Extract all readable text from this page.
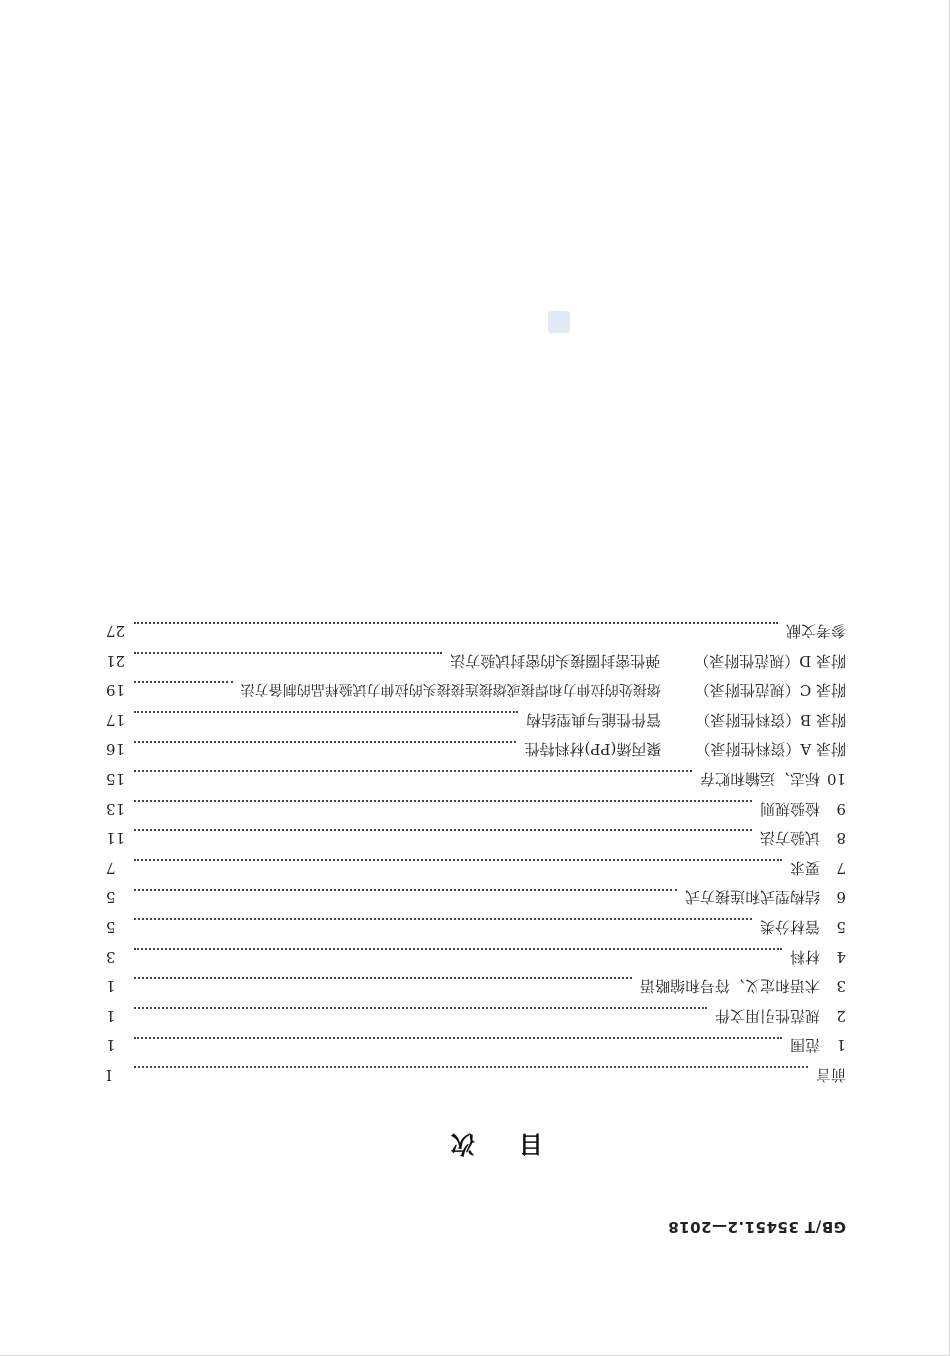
GB/T 35451.2—2018
目次
前言
Ⅰ
1
范围
1
2
规范性引用文件
1
3
术语和定义、符号和缩略语
1
4
材料
3
5
管材分类
5
6
结构型式和连接方式
5
7
要求
7
8
试验方法
11
9
检验规则
13
10
标志、运输和贮存
15
附录 A（资料性附录）
聚丙烯(PP)材料特性
16
附录 B（资料性附录）
管件性能与典型结构
17
附录 C（规范性附录）
熔接处的拉伸力和焊接或熔接连接接头的拉伸力试验样品的制备方法
19
附录 D（规范性附录）
弹性密封圈接头的密封试验方法
21
参考文献
27
